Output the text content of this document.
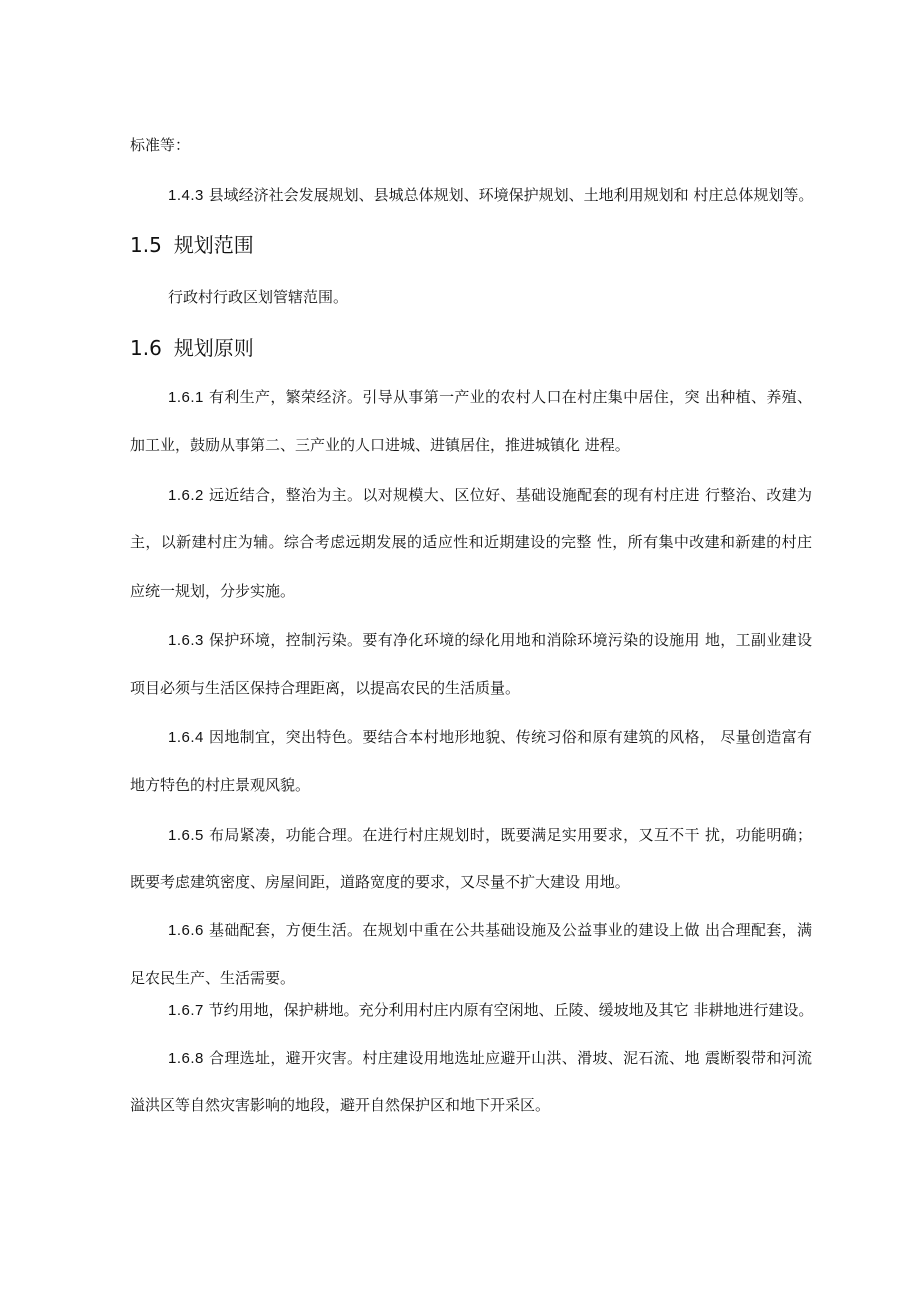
标准等：
1.4.3 县域经济社会发展规划、县城总体规划、环境保护规划、土地利用规划和 村庄总体规划等。
1.5 规划范围
行政村行政区划管辖范围。
1.6 规划原则
1.6.1 有利生产，繁荣经济。引导从事第一产业的农村人口在村庄集中居住，突 出种植、养殖、
加工业，鼓励从事第二、三产业的人口进城、进镇居住，推进城镇化 进程。
1.6.2 远近结合，整治为主。以对规模大、区位好、基础设施配套的现有村庄进 行整治、改建为
主，以新建村庄为辅。综合考虑远期发展的适应性和近期建设的完整 性，所有集中改建和新建的村庄
应统一规划，分步实施。
1.6.3 保护环境，控制污染。要有净化环境的绿化用地和消除环境污染的设施用 地，工副业建设
项目必须与生活区保持合理距离，以提高农民的生活质量。
1.6.4 因地制宜，突出特色。要结合本村地形地貌、传统习俗和原有建筑的风格， 尽量创造富有
地方特色的村庄景观风貌。
1.6.5 布局紧凑，功能合理。在进行村庄规划时，既要满足实用要求，又互不干 扰，功能明确；
既要考虑建筑密度、房屋间距，道路宽度的要求，又尽量不扩大建设 用地。
1.6.6 基础配套，方便生活。在规划中重在公共基础设施及公益事业的建设上做 出合理配套，满
足农民生产、生活需要。
1.6.7 节约用地，保护耕地。充分利用村庄内原有空闲地、丘陵、缓坡地及其它 非耕地进行建设。
1.6.8 合理选址，避开灾害。村庄建设用地选址应避开山洪、滑坡、泥石流、地 震断裂带和河流
溢洪区等自然灾害影响的地段，避开自然保护区和地下开采区。
